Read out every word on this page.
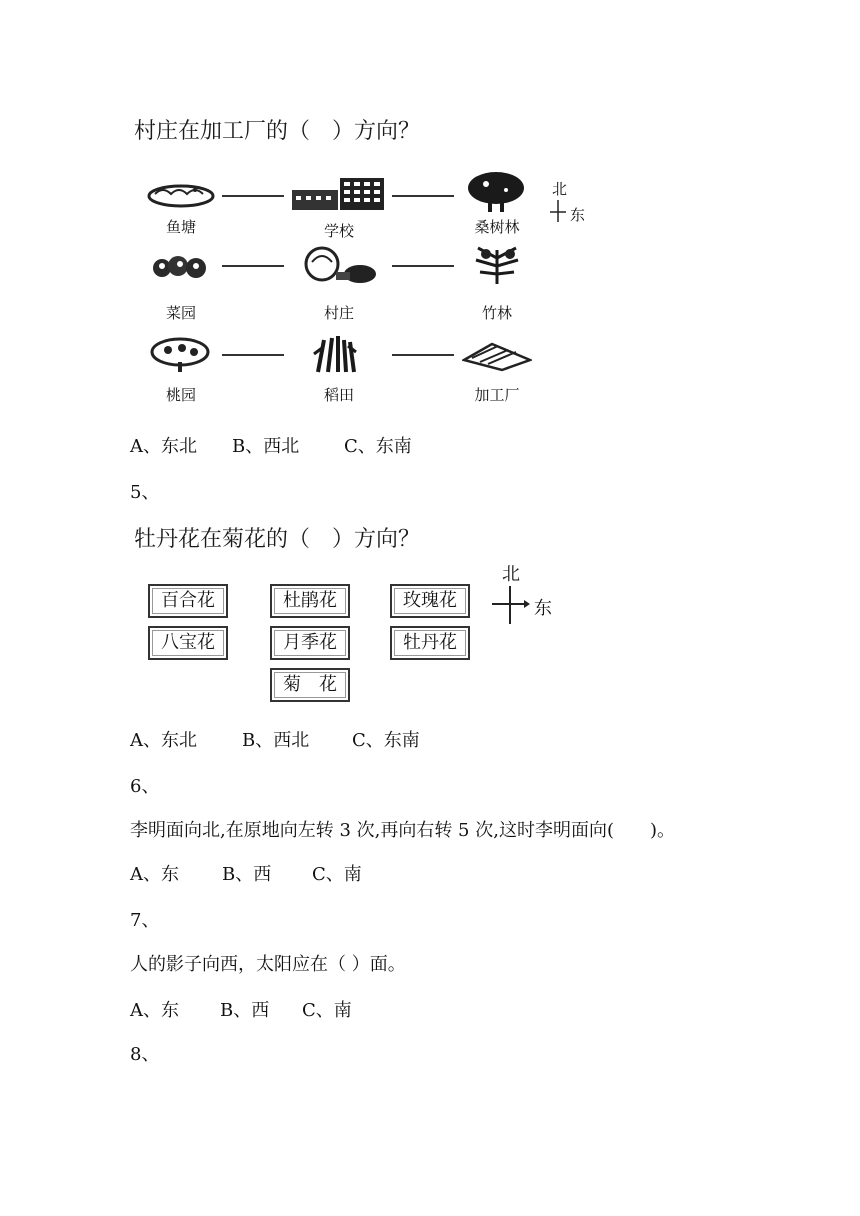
村庄在加工厂的（　）方向？
鱼塘	学校	桑树林
北
东
菜园	村庄	竹林
桃园	稻田	加工厂
A、东北 B、西北 C、东南
5、
牡丹花在菊花的（　）方向？
百合花	杜鹃花	玫瑰花
八宝花	月季花	牡丹花
菊　花
北
东
A、东北	B、西北 C、东南
6、
李明面向北,在原地向左转 3 次,再向右转 5 次,这时李明面向(　　)。
A、东 B、西 C、南
7、
人的影子向西，太阳应在（ ）面。
A、东 B、西 C、南
8、
